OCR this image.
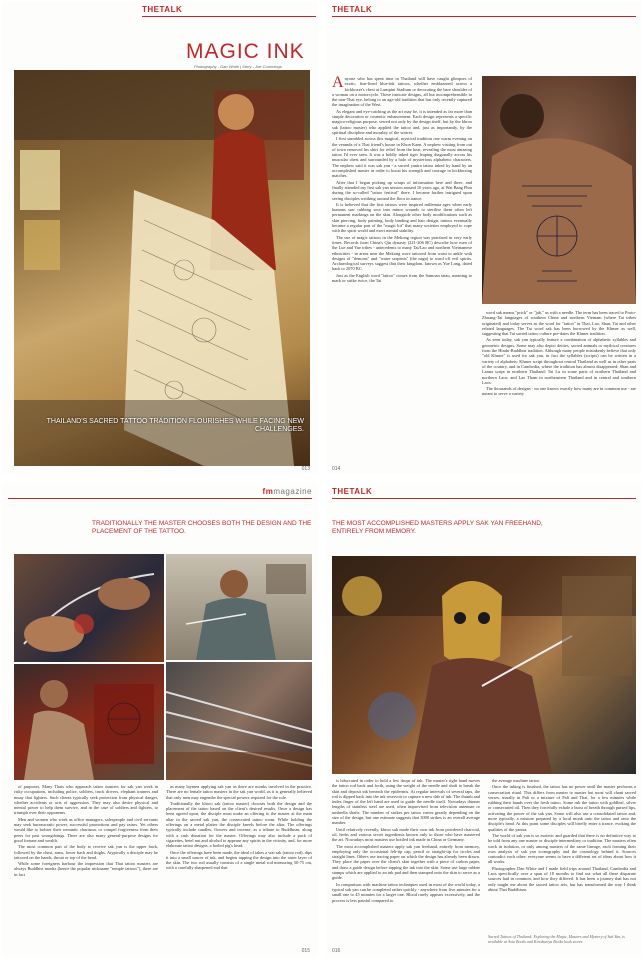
THETALK
MAGIC INK
Photography - Dan White | Story - Joe Cummings
THAILAND'S SACRED TATTOO TRADITION FLOURISHES WHILE FACING NEW CHALLENGES.
013
THETALK
A nyone who has spent time in Thailand will have caught glimpses of exotic, fine-lined blue-ink tattoos, whether emblazoned across a kickboxer's chest at Lumpini Stadium or decorating the bare shoulder of a woman on a motorcycle. These intricate designs, all but incomprehensible to the non-Thai eye, belong to an age-old tradition that has only recently captured the imagination of the West.

As elegant and eye-catching as the art may be, it is intended as far more than simple decoration or cosmetic enhancement. Each design represents a specific magico-religious purpose, sewed not only by the design itself, but by the khroo sak (tattoo master) who applied the tattoo and, just as importantly, by the spiritual discipline and morality of the wearer.

I first stumbled across this magical, mystical tradition one warm evening on the veranda of a Thai friend's house in Khon Kaen. A nephew visiting from out of town removed his shirt for relief from the heat, revealing the most amazing tattoo I'd ever seen. It was a boldly inked tiger leaping diagonally across his muscular chest and surrounded by a halo of mysterious alphabetic characters. The nephew said it was sak yan - a sacred yantra tattoo inked by hand by an accomplished master in order to boost his strength and courage in kickboxing matches.

After that I began picking up scraps of information here and there, and finally attended my first sak yan session around 16 years ago, at Wat Bang Phra during the so-called "tattoo festival" there. I became further intrigued upon seeing disciples writhing around the floor in trance.

It is believed that the first tattoos were inspired millennia ages when early humans saw rubbing soot into minor wounds to sterilise them often left permanent markings on the skin. Alongside other body modifications such as skin piercing, body painting, body binding and hair design, tattoos eventually became a regular part of the "magic kit" that many societies employed to cope with the spirit world and exert mental stability.

The use of magic tattoos in the Mekong region was practised in very early times. Records from China's Qin dynasty (221-206 BC) describe how men of the Lue and Yue tribes - antecedents to many Tai/Lao and northern Vietnamese ethnicities - in areas near the Mekong wore tattooed from waist to ankle with designs of "demons" and "water serpents" (the naga) to ward off evil spirits. Archaeological surveys suggest that their kingdom, known as Yue Lang, dated back to 2070 BC.

Just as the English word "tattoo" comes from the Samoan tatau, meaning to mark or strike twice, the Tai

word sak means "prick" or "jab," as with a needle. The term has been traced to Proto-Zhuang-Tai languages of southern China and northern Vietnam (where Tai tribes originated) and today serves as the word for "tattoo" in Thai, Lao, Shan, Tai and other related languages. The Tai word sak has been borrowed by the Khmer as well, suggesting that Tai sacred tattoo culture pre-dates the Khmer tradition.

As seen today, sak yan typically feature a combination of alphabetic syllables and geometric designs. Some may also depict deities, sacred animals or mythical creatures from the Hindu-Buddhist tradition. Although many people mistakenly believe that only "old Khmer" is used for sak yan, in fact the syllables (scripts) can be written in a variety of alphabets: Khmer script throughout central Thailand as well as in other parts of the country, and in Cambodia, where the tradition has almost disappeared; Shan and Lanna script in northern Thailand; Tai Lu in some parts of northern Thailand and northern Laos; and Lao Tham in northeastern Thailand and in central and southern Laos.

The thousands of designs - no one knows exactly how many are in common use - are meant to serve a variety

014
fmmagazine
TRADITIONALLY THE MASTER CHOOSES BOTH THE DESIGN AND THE PLACEMENT OF THE TATTOO.

of purposes. Many Thais who approach tattoo masters for sak yan work in risky occupations, including police, soldiers, truck drivers, elephant trainers and muay thai fighters. Such clients typically seek protection from physical danger, whether accidents or acts of aggression. They may also desire physical and mental power to help them survive, and in the case of soldiers and fighters, to triumph over their opponents.

Men and women who work as office managers, salespeople and civil servants may seek bureaucratic power, successful promotions and pay raises. Yet others would like to bolster their romantic charisma, or compel forgiveness from their peers for past wrongdoings. There are also many general-purpose designs for good fortune and wealth.

The most common part of the body to receive sak yan is the upper back, followed by the chest, arms, lower back and thighs. Atypically a disciple may be tattooed on the hands, throat or top of the head.

While some foreigners harbour the impression that Thai tattoo masters are always Buddhist monks (hence the popular nickname "temple tattoos"), there are in fact

as many laymen applying sak yan as there are monks involved in the practice. There are no female tattoo masters in the sak yan world, as it is generally believed that only men may engender the special powers required for the role.

Traditionally the khroo sak (tattoo master) chooses both the design and the placement of the tattoo based on the client's desired results. Once a design has been agreed upon, the disciple must make an offering to the master at the main altar in the sacred sak yan, the consecrated tattoo room. While holding the offerings on a metal platter the disciple kneels before the altar. The offerings typically include candles, flowers and incense, as a tribute to Buddhism, along with a cash donation for the master. Offerings may also include a pack of cigarettes, betel nut and alcohol to appease any spirits in the vicinity, and, for more elaborate tattoo designs, a boiled pig's head.

Once the offerings have been made, the ideal of takes a wai sak (tattoo rod), dips it into a small saucer of ink, and begins tapping the design into the outer layer of the skin. The two rod usually consists of a single metal rod measuring 50-75 cm, with a carefully sharpened end that

015
THETALK
THE MOST ACCOMPLISHED MASTERS APPLY SAK YAN FREEHAND, ENTIRELY FROM MEMORY.

is bifurcated in order to hold a few drops of ink. The master's right hand moves the tattoo rod back and forth, using the weight of the needle and shaft to break the skin and deposit ink beneath the epidermis. At regular intervals of several taps, the rod is dipped back into the ink reservoir to capture a new dab of ink. The thumb and index finger of the left hand are used to guide the needle itself. Nowadays thinner lengths of stainless steel are used, often improvised from television antennae or umbrella shafts. The number of strikes per tattoo varies greatly depending on the size of the design, but one estimate suggests that 3000 strikes is an overall average number.

Until relatively recently, khroo sak made their own ink from powdered charcoal, oil, herbs and various secret ingredients known only to those who have mastered the art. Nowadays most masters use bottled ink made in China or Germany.

The most accomplished masters apply sak yan freehand, entirely from memory, employing only the occasional felt-tip cap, pencil or straight-tip for circles and straight lines. Others use tracing paper on which the design has already been drawn. They place the paper over the client's skin together with a piece of carbon paper, and draw a guide design before tapping the ink into the skin. Some use large rubber stamps which are applied to an ink pad and then stamped onto the skin to serve as a guide.

In comparison with machine tattoo techniques used in most of the world today, a typical sak yan can be completed rather quickly - anywhere from five minutes for a small one to 45 minutes for a larger one. Blood rarely appears excessively, and the process is less painful compared to

the average machine tattoo.

Once the inking is finished, the tattoo has no power until the master performs a consecration ritual. This differs from master to master but most will chant sacred verses, usually in Pali or a mixture of Pali and Thai, for a few minutes while rubbing their hands over the fresh tattoo. Some rub the tattoo with goldleaf, silver or consecrated oil. Then they forcefully exhale a burst of breath through pursed lips, activating the power of the sak yan. Some will also use a consolidated tattoo and, more typically, a mixture prepared by a local monk onto the tattoo and onto the disciple's head. At this point some disciples will briefly enter a trance, evoking the qualities of the yantra.

The world of sak yan is so esoteric and guarded that there is no definitive way to be told from any one master or disciple intermediary or tradition. The masters often work in isolation, or only among masters of the same lineage, each forming their own analysis of sak yan iconography and the cosmology behind it. Sources contradict each other; everyone seems to have a different set of ideas about how it all works.

Photographer Dan White and I made field trips around Thailand, Cambodia and Laos specifically over a span of 18 months to find out what all these disparate sources had in common, and how they differed. It has been a journey that has not only taught me about the sacred tattoo arts, but has transformed the way I think about Thai Buddhism.

Sacred Tattoos of Thailand: Exploring the Magic, Masters and Mystery of Sak Yan, is available at Asia Books and Kinokuniya Books book stores.
016
